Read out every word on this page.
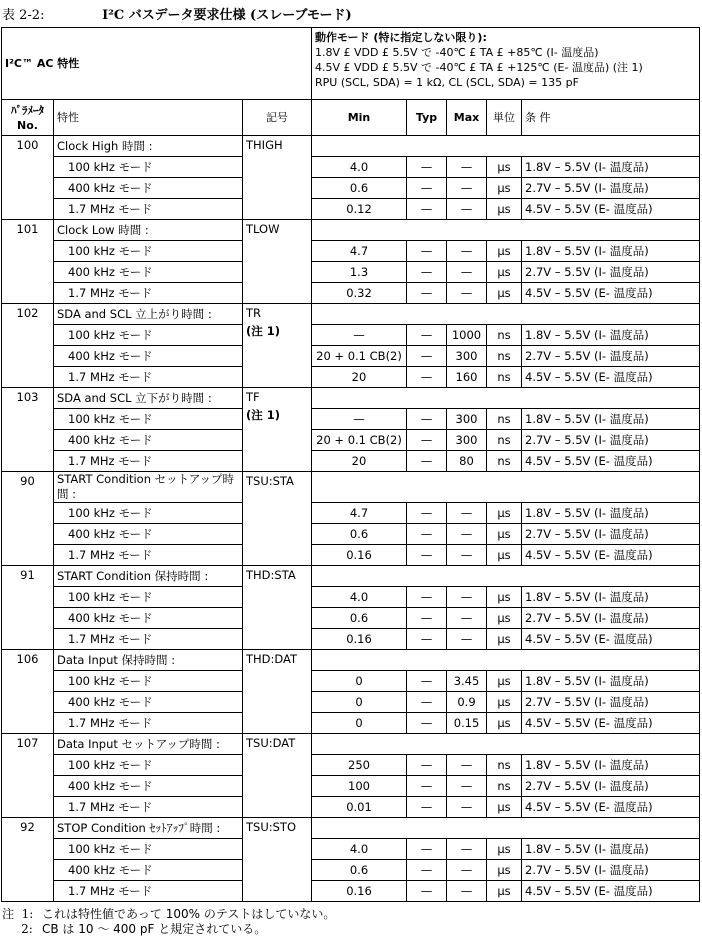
表 2-2:	I²C バスデータ要求仕様 (スレーブモード)
I²C™ AC 特性			動作モード (特に指定しない限り):
1.8V £ VDD £ 5.5V で -40℃ £ TA £ +85℃ (I- 温度品)
4.5V £ VDD £ 5.5V で -40℃ £ TA £ +125℃ (E- 温度品) (注 1)
RPU (SCL, SDA) = 1 kΩ, CL (SCL, SDA) = 135 pF				

ﾊﾟﾗﾒｰﾀ No.	特性	記号	Min	Typ	Max	単位	条 件
100	Clock High 時間 :	THIGH					

	100 kHz モード		4.0	—	—	µs	1.8V – 5.5V (I- 温度品)
	400 kHz モード		0.6	—	—	µs	2.7V – 5.5V (I- 温度品)
	1.7 MHz モード		0.12	—	—	µs	4.5V – 5.5V (E- 温度品)
101	Clock Low 時間 :	TLOW					

	100 kHz モード		4.7	—	—	µs	1.8V – 5.5V (I- 温度品)
	400 kHz モード		1.3	—	—	µs	2.7V – 5.5V (I- 温度品)
	1.7 MHz モード		0.32	—	—	µs	4.5V – 5.5V (E- 温度品)
102	SDA and SCL 立上がり時間 :	TR
(注 1)					

	100 kHz モード		—	—	1000	ns	1.8V – 5.5V (I- 温度品)
	400 kHz モード		20 + 0.1 CB(2)	—	300	ns	2.7V – 5.5V (I- 温度品)
	1.7 MHz モード		20	—	160	ns	4.5V – 5.5V (E- 温度品)
103	SDA and SCL 立下がり時間 :	TF
(注 1)					

	100 kHz モード		—	—	300	ns	1.8V – 5.5V (I- 温度品)
	400 kHz モード		20 + 0.1 CB(2)	—	300	ns	2.7V – 5.5V (I- 温度品)
	1.7 MHz モード		20	—	80	ns	4.5V – 5.5V (E- 温度品)
90	START Condition セットアップ時間 :	TSU:STA					

	100 kHz モード		4.7	—	—	µs	1.8V – 5.5V (I- 温度品)
	400 kHz モード		0.6	—	—	µs	2.7V – 5.5V (I- 温度品)
	1.7 MHz モード		0.16	—	—	µs	4.5V – 5.5V (E- 温度品)
91	START Condition 保持時間 :	THD:STA					

	100 kHz モード		4.0	—	—	µs	1.8V – 5.5V (I- 温度品)
	400 kHz モード		0.6	—	—	µs	2.7V – 5.5V (I- 温度品)
	1.7 MHz モード		0.16	—	—	µs	4.5V – 5.5V (E- 温度品)
106	Data Input 保持時間 :	THD:DAT					

	100 kHz モード		0	—	3.45	µs	1.8V – 5.5V (I- 温度品)
	400 kHz モード		0	—	0.9	µs	2.7V – 5.5V (I- 温度品)
	1.7 MHz モード		0	—	0.15	µs	4.5V – 5.5V (E- 温度品)
107	Data Input セットアップ時間 :	TSU:DAT					

	100 kHz モード		250	—	—	ns	1.8V – 5.5V (I- 温度品)
	400 kHz モード		100	—	—	ns	2.7V – 5.5V (I- 温度品)
	1.7 MHz モード		0.01	—	—	µs	4.5V – 5.5V (E- 温度品)
92	STOP Condition ｾｯﾄｱｯﾌﾟ時間 :	TSU:STO					

	100 kHz モード		4.0	—	—	µs	1.8V – 5.5V (I- 温度品)
	400 kHz モード		0.6	—	—	µs	2.7V – 5.5V (I- 温度品)
	1.7 MHz モード		0.16	—	—	µs	4.5V – 5.5V (E- 温度品)
注 1: これは特性値であって 100% のテストはしていない。
2: CB は 10 ～ 400 pF と規定されている。
